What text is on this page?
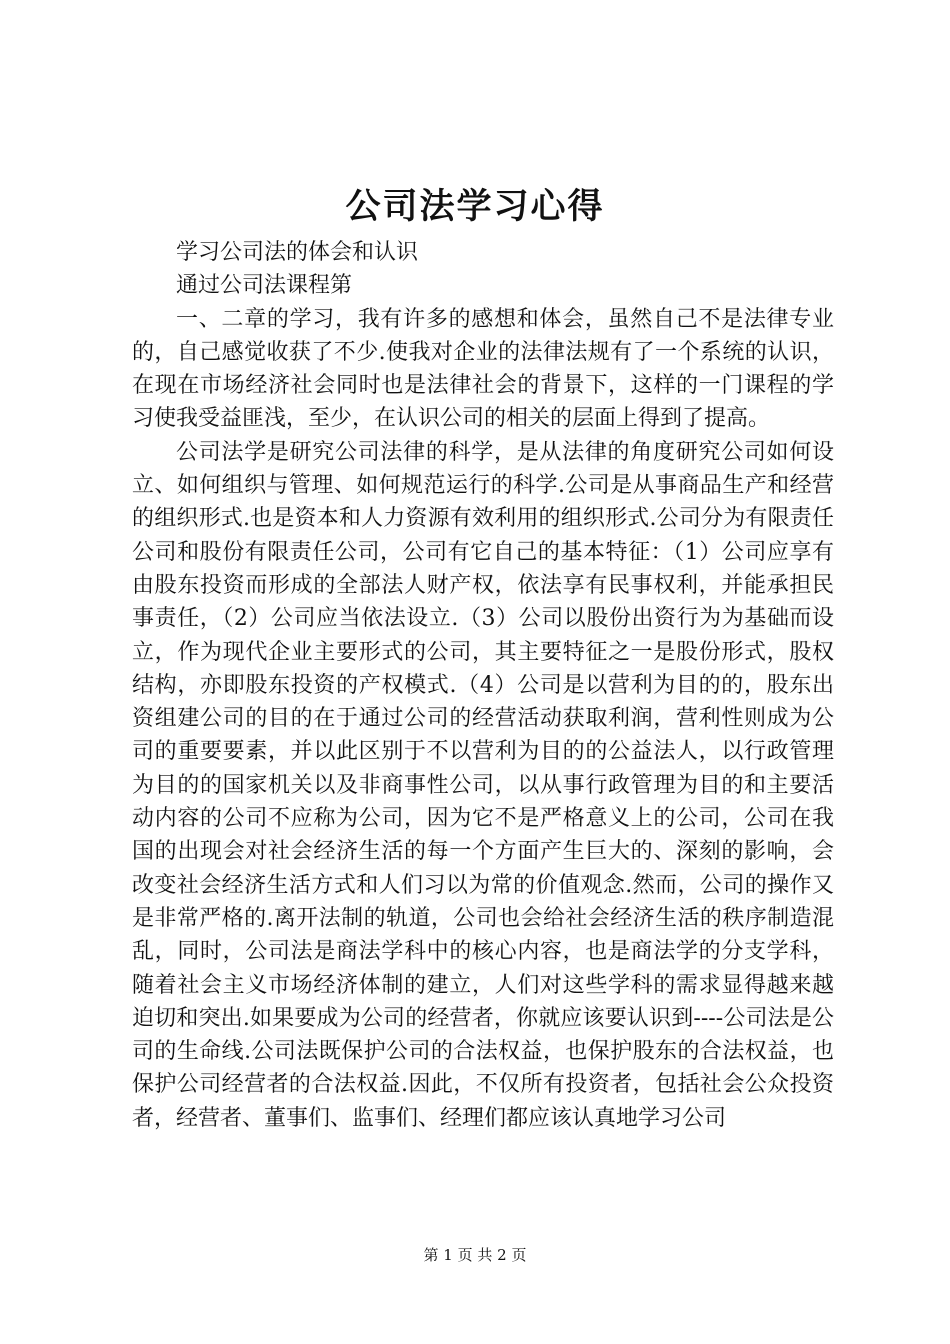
公司法学习心得

学习公司法的体会和认识

通过公司法课程第

一、二章的学习，我有许多的感想和体会，虽然自己不是法律专业的，自己感觉收获了不少.使我对企业的法律法规有了一个系统的认识，在现在市场经济社会同时也是法律社会的背景下，这样的一门课程的学习使我受益匪浅，至少，在认识公司的相关的层面上得到了提高。

公司法学是研究公司法律的科学，是从法律的角度研究公司如何设立、如何组织与管理、如何规范运行的科学.公司是从事商品生产和经营的组织形式.也是资本和人力资源有效利用的组织形式.公司分为有限责任公司和股份有限责任公司，公司有它自己的基本特征：（1）公司应享有由股东投资而形成的全部法人财产权，依法享有民事权利，并能承担民事责任，（2）公司应当依法设立.（3）公司以股份出资行为为基础而设立，作为现代企业主要形式的公司，其主要特征之一是股份形式，股权结构，亦即股东投资的产权模式.（4）公司是以营利为目的的，股东出资组建公司的目的在于通过公司的经营活动获取利润，营利性则成为公司的重要要素，并以此区别于不以营利为目的的公益法人，以行政管理为目的的国家机关以及非商事性公司，以从事行政管理为目的和主要活动内容的公司不应称为公司，因为它不是严格意义上的公司，公司在我国的出现会对社会经济生活的每一个方面产生巨大的、深刻的影响，会改变社会经济生活方式和人们习以为常的价值观念.然而，公司的操作又是非常严格的.离开法制的轨道，公司也会给社会经济生活的秩序制造混乱，同时，公司法是商法学科中的核心内容，也是商法学的分支学科，随着社会主义市场经济体制的建立，人们对这些学科的需求显得越来越迫切和突出.如果要成为公司的经营者，你就应该要认识到----公司法是公司的生命线.公司法既保护公司的合法权益，也保护股东的合法权益，也保护公司经营者的合法权益.因此，不仅所有投资者，包括社会公众投资者，经营者、董事们、监事们、经理们都应该认真地学习公司

第 1 页 共 2 页
